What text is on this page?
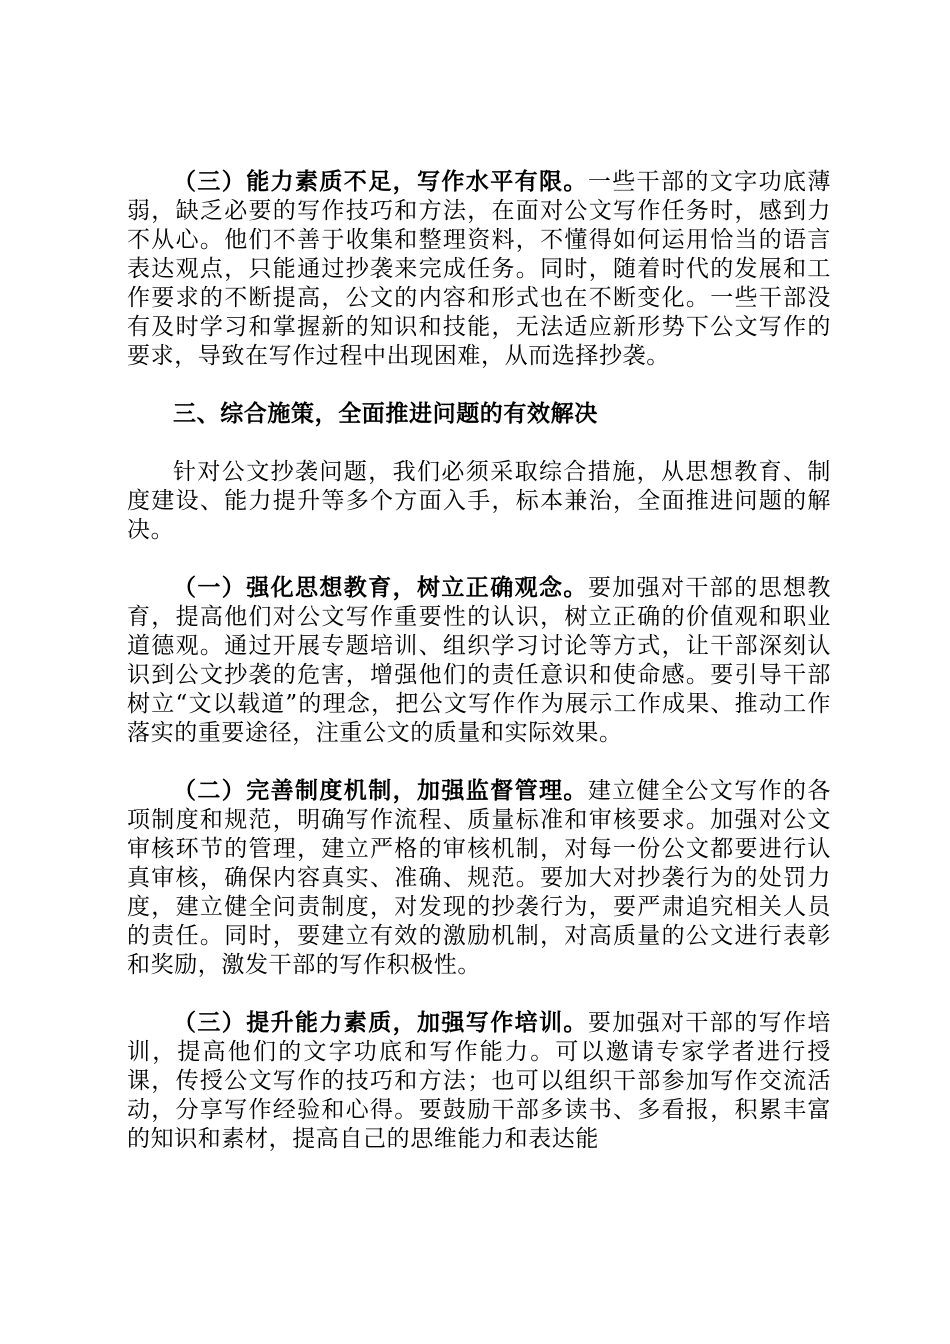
（三）能力素质不足，写作水平有限。一些干部的文字功底薄弱，缺乏必要的写作技巧和方法，在面对公文写作任务时，感到力不从心。他们不善于收集和整理资料，不懂得如何运用恰当的语言表达观点，只能通过抄袭来完成任务。同时，随着时代的发展和工作要求的不断提高，公文的内容和形式也在不断变化。一些干部没有及时学习和掌握新的知识和技能，无法适应新形势下公文写作的要求，导致在写作过程中出现困难，从而选择抄袭。

三、综合施策，全面推进问题的有效解决

针对公文抄袭问题，我们必须采取综合措施，从思想教育、制度建设、能力提升等多个方面入手，标本兼治，全面推进问题的解决。

（一）强化思想教育，树立正确观念。要加强对干部的思想教育，提高他们对公文写作重要性的认识，树立正确的价值观和职业道德观。通过开展专题培训、组织学习讨论等方式，让干部深刻认识到公文抄袭的危害，增强他们的责任意识和使命感。要引导干部树立“文以载道”的理念，把公文写作作为展示工作成果、推动工作落实的重要途径，注重公文的质量和实际效果。

（二）完善制度机制，加强监督管理。建立健全公文写作的各项制度和规范，明确写作流程、质量标准和审核要求。加强对公文审核环节的管理，建立严格的审核机制，对每一份公文都要进行认真审核，确保内容真实、准确、规范。要加大对抄袭行为的处罚力度，建立健全问责制度，对发现的抄袭行为，要严肃追究相关人员的责任。同时，要建立有效的激励机制，对高质量的公文进行表彰和奖励，激发干部的写作积极性。

（三）提升能力素质，加强写作培训。要加强对干部的写作培训，提高他们的文字功底和写作能力。可以邀请专家学者进行授课，传授公文写作的技巧和方法；也可以组织干部参加写作交流活动，分享写作经验和心得。要鼓励干部多读书、多看报，积累丰富的知识和素材，提高自己的思维能力和表达能
